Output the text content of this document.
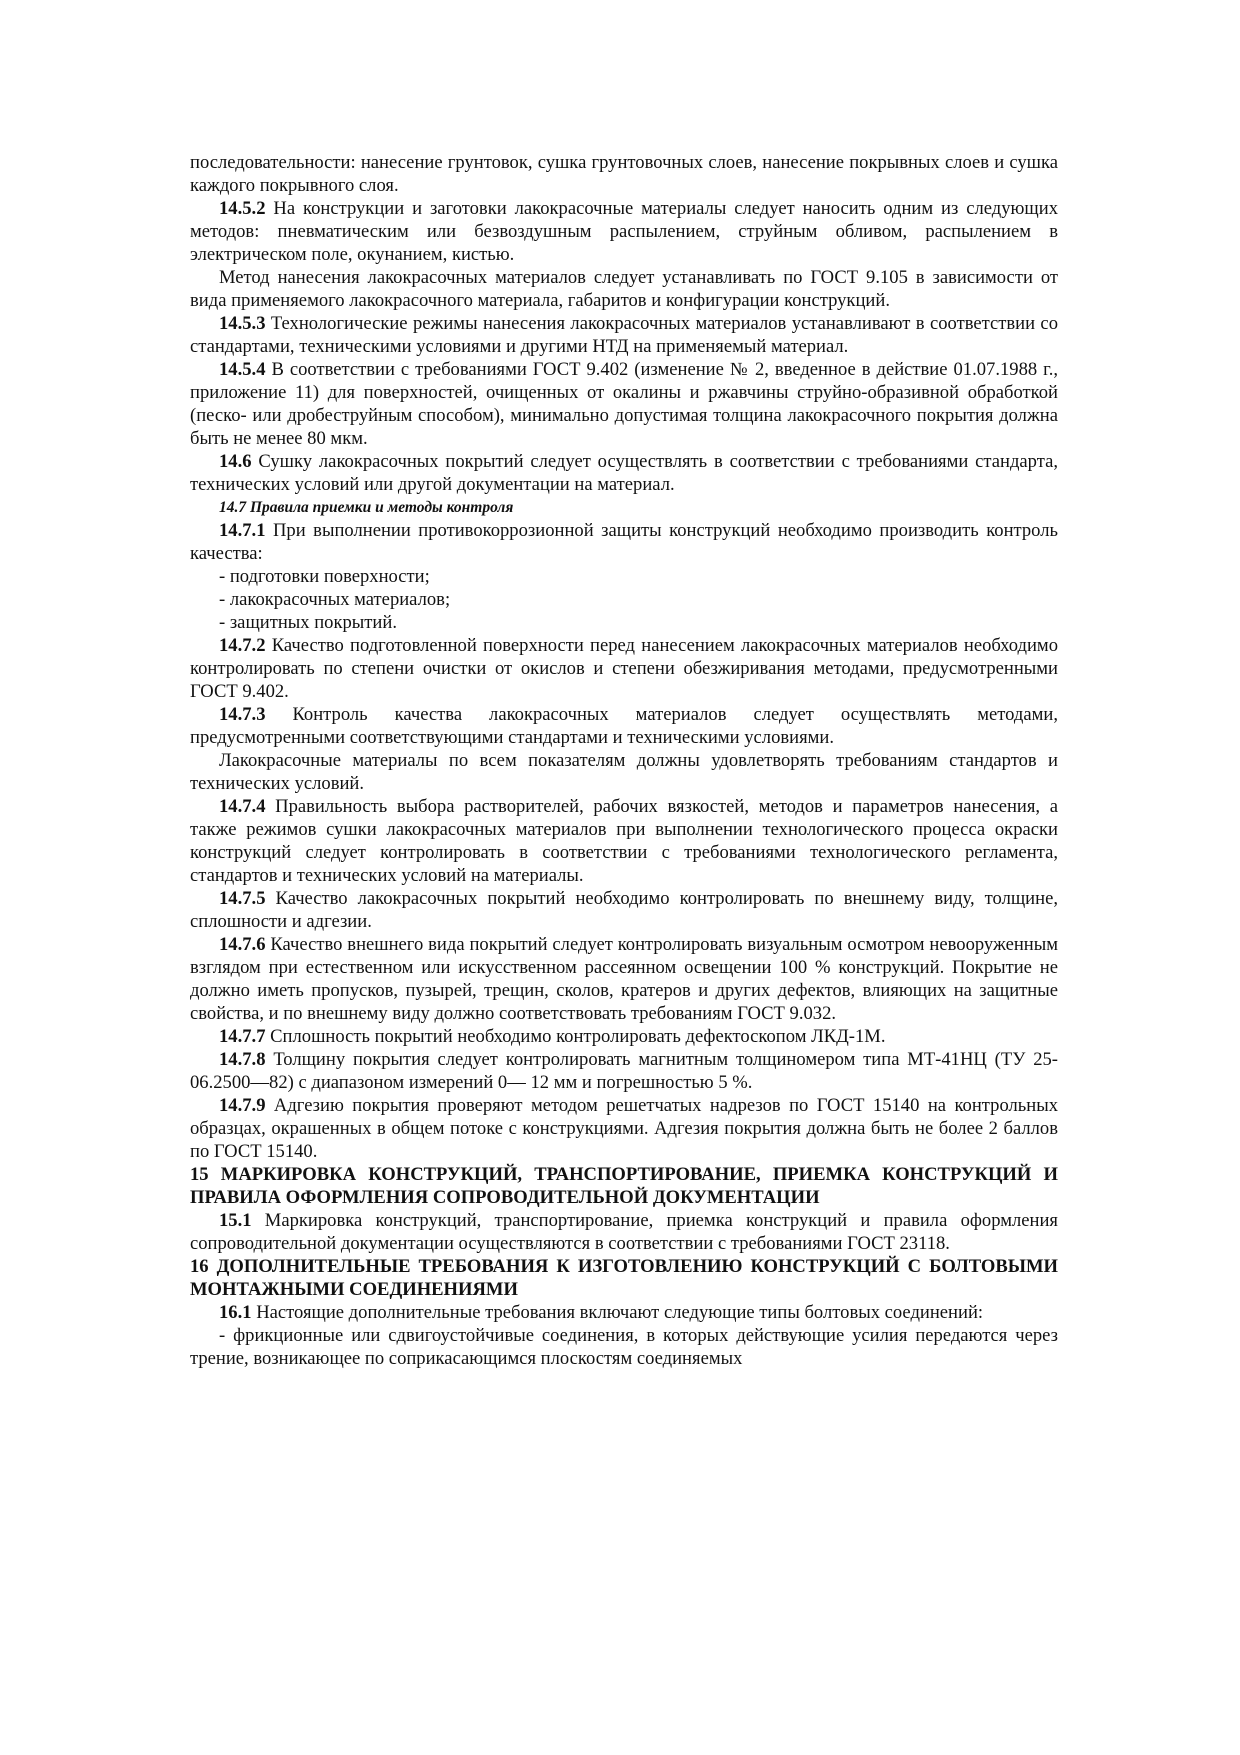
последовательности: нанесение грунтовок, сушка грунтовочных слоев, нанесение покрывных слоев и сушка каждого покрывного слоя.

14.5.2 На конструкции и заготовки лакокрасочные материалы следует наносить одним из следующих методов: пневматическим или безвоздушным распылением, струйным обливом, распылением в электрическом поле, окунанием, кистью.

Метод нанесения лакокрасочных материалов следует устанавливать по ГОСТ 9.105 в зависимости от вида применяемого лакокрасочного материала, габаритов и конфигурации конструкций.

14.5.3 Технологические режимы нанесения лакокрасочных материалов устанавливают в соответствии со стандартами, техническими условиями и другими НТД на применяемый материал.

14.5.4 В соответствии с требованиями ГОСТ 9.402 (изменение № 2, введенное в действие 01.07.1988 г., приложение 11) для поверхностей, очищенных от окалины и ржавчины струйно-образивной обработкой (песко- или дробеструйным способом), минимально допустимая толщина лакокрасочного покрытия должна быть не менее 80 мкм.

14.6 Сушку лакокрасочных покрытий следует осуществлять в соответствии с требованиями стандарта, технических условий или другой документации на материал.

14.7 Правила приемки и методы контроля

14.7.1 При выполнении противокоррозионной защиты конструкций необходимо производить контроль качества:

- подготовки поверхности;

- лакокрасочных материалов;

- защитных покрытий.

14.7.2 Качество подготовленной поверхности перед нанесением лакокрасочных материалов необходимо контролировать по степени очистки от окислов и степени обезжиривания методами, предусмотренными ГОСТ 9.402.

14.7.3 Контроль качества лакокрасочных материалов следует осуществлять методами, предусмотренными соответствующими стандартами и техническими условиями.

Лакокрасочные материалы по всем показателям должны удовлетворять требованиям стандартов и технических условий.

14.7.4 Правильность выбора растворителей, рабочих вязкостей, методов и параметров нанесения, а также режимов сушки лакокрасочных материалов при выполнении технологического процесса окраски конструкций следует контролировать в соответствии с требованиями технологического регламента, стандартов и технических условий на материалы.

14.7.5 Качество лакокрасочных покрытий необходимо контролировать по внешнему виду, толщине, сплошности и адгезии.

14.7.6 Качество внешнего вида покрытий следует контролировать визуальным осмотром невооруженным взглядом при естественном или искусственном рассеянном освещении 100 % конструкций. Покрытие не должно иметь пропусков, пузырей, трещин, сколов, кратеров и других дефектов, влияющих на защитные свойства, и по внешнему виду должно соответствовать требованиям ГОСТ 9.032.

14.7.7 Сплошность покрытий необходимо контролировать дефектоскопом ЛКД-1М.

14.7.8 Толщину покрытия следует контролировать магнитным толщиномером типа МТ-41НЦ (ТУ 25-06.2500—82) с диапазоном измерений 0— 12 мм и погрешностью 5 %.

14.7.9 Адгезию покрытия проверяют методом решетчатых надрезов по ГОСТ 15140 на контрольных образцах, окрашенных в общем потоке с конструкциями. Адгезия покрытия должна быть не более 2 баллов по ГОСТ 15140.

15 МАРКИРОВКА КОНСТРУКЦИЙ, ТРАНСПОРТИРОВАНИЕ, ПРИЕМКА КОНСТРУКЦИЙ И ПРАВИЛА ОФОРМЛЕНИЯ СОПРОВОДИТЕЛЬНОЙ ДОКУМЕНТАЦИИ

15.1 Маркировка конструкций, транспортирование, приемка конструкций и правила оформления сопроводительной документации осуществляются в соответствии с требованиями ГОСТ 23118.

16 ДОПОЛНИТЕЛЬНЫЕ ТРЕБОВАНИЯ К ИЗГОТОВЛЕНИЮ КОНСТРУКЦИЙ С БОЛТОВЫМИ МОНТАЖНЫМИ СОЕДИНЕНИЯМИ

16.1 Настоящие дополнительные требования включают следующие типы болтовых соединений:

- фрикционные или сдвигоустойчивые соединения, в которых действующие усилия передаются через трение, возникающее по соприкасающимся плоскостям соединяемых
